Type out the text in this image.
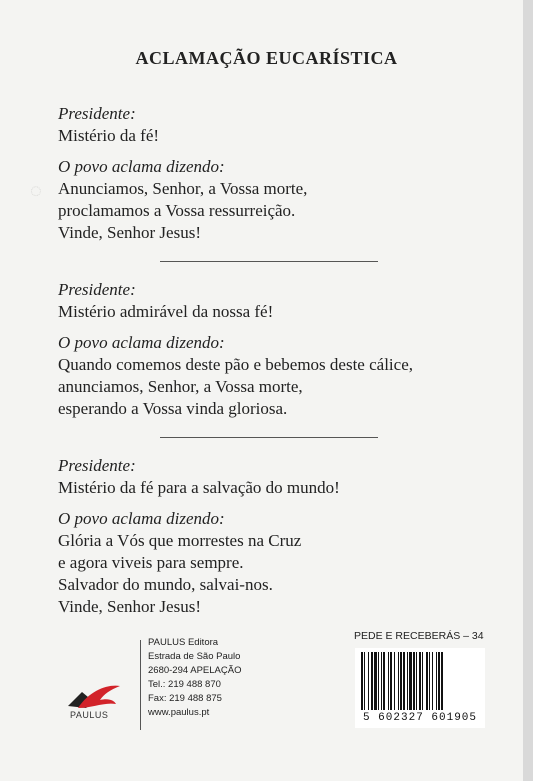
◌
ACLAMAÇÃO EUCARÍSTICA
Presidente:
Mistério da fé!
O povo aclama dizendo:
Anunciamos, Senhor, a Vossa morte,
proclamamos a Vossa ressurreição.
Vinde, Senhor Jesus!
Presidente:
Mistério admirável da nossa fé!
O povo aclama dizendo:
Quando comemos deste pão e bebemos deste cálice,
anunciamos, Senhor, a Vossa morte,
esperando a Vossa vinda gloriosa.
Presidente:
Mistério da fé para a salvação do mundo!
O povo aclama dizendo:
Glória a Vós que morrestes na Cruz
e agora viveis para sempre.
Salvador do mundo, salvai-nos.
Vinde, Senhor Jesus!
PAULUS
PAULUS Editora
Estrada de São Paulo
2680-294 APELAÇÃO
Tel.: 219 488 870
Fax: 219 488 875
www.paulus.pt
PEDE E RECEBERÁS – 34
5 602327 601905
